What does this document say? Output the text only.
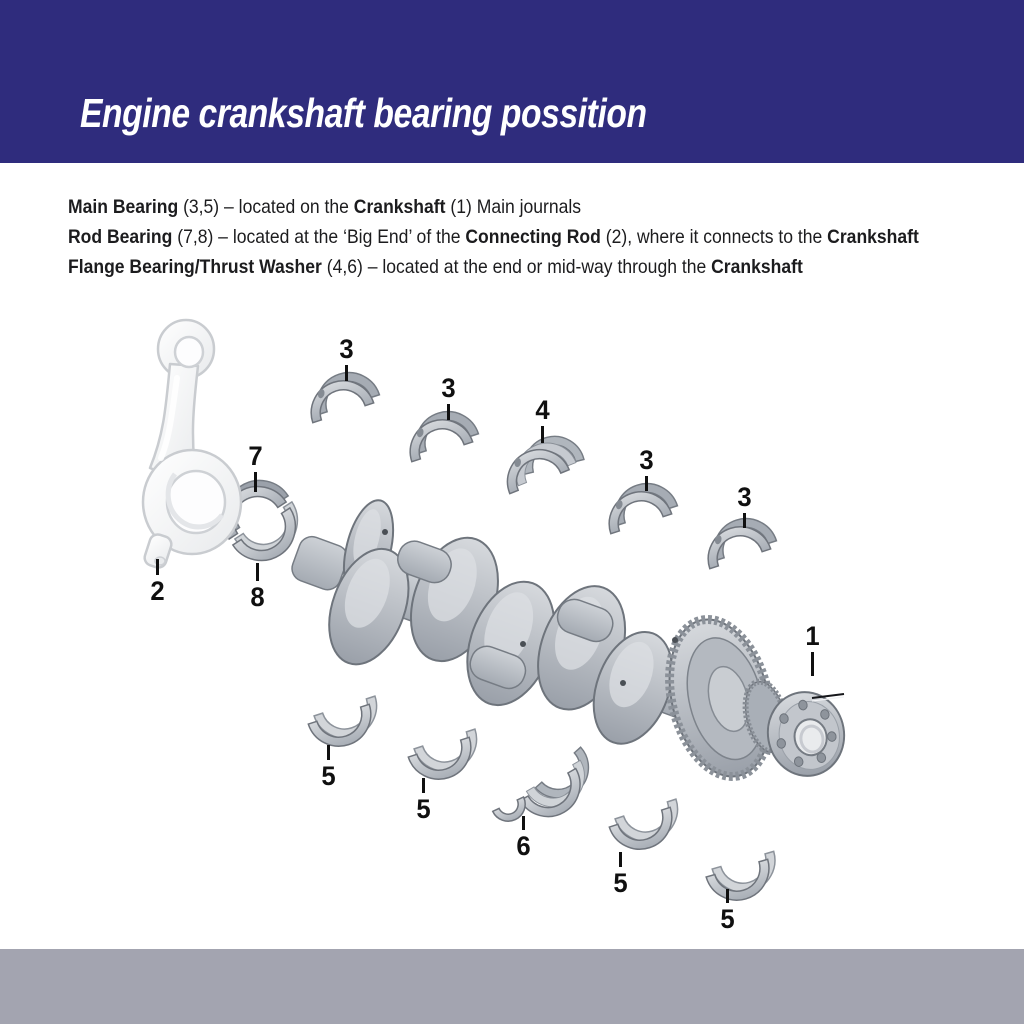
Engine crankshaft bearing possition

Main Bearing (3,5) – located on the Crankshaft (1) Main journals

Rod Bearing (7,8) – located at the ‘Big End’ of the Connecting Rod (2), where it connects to the Crankshaft

Flange Bearing/Thrust Washer (4,6) – located at the end or mid-way through the Crankshaft

3
3
4
3
3
7
1
2	8
5
5
6
5
5
